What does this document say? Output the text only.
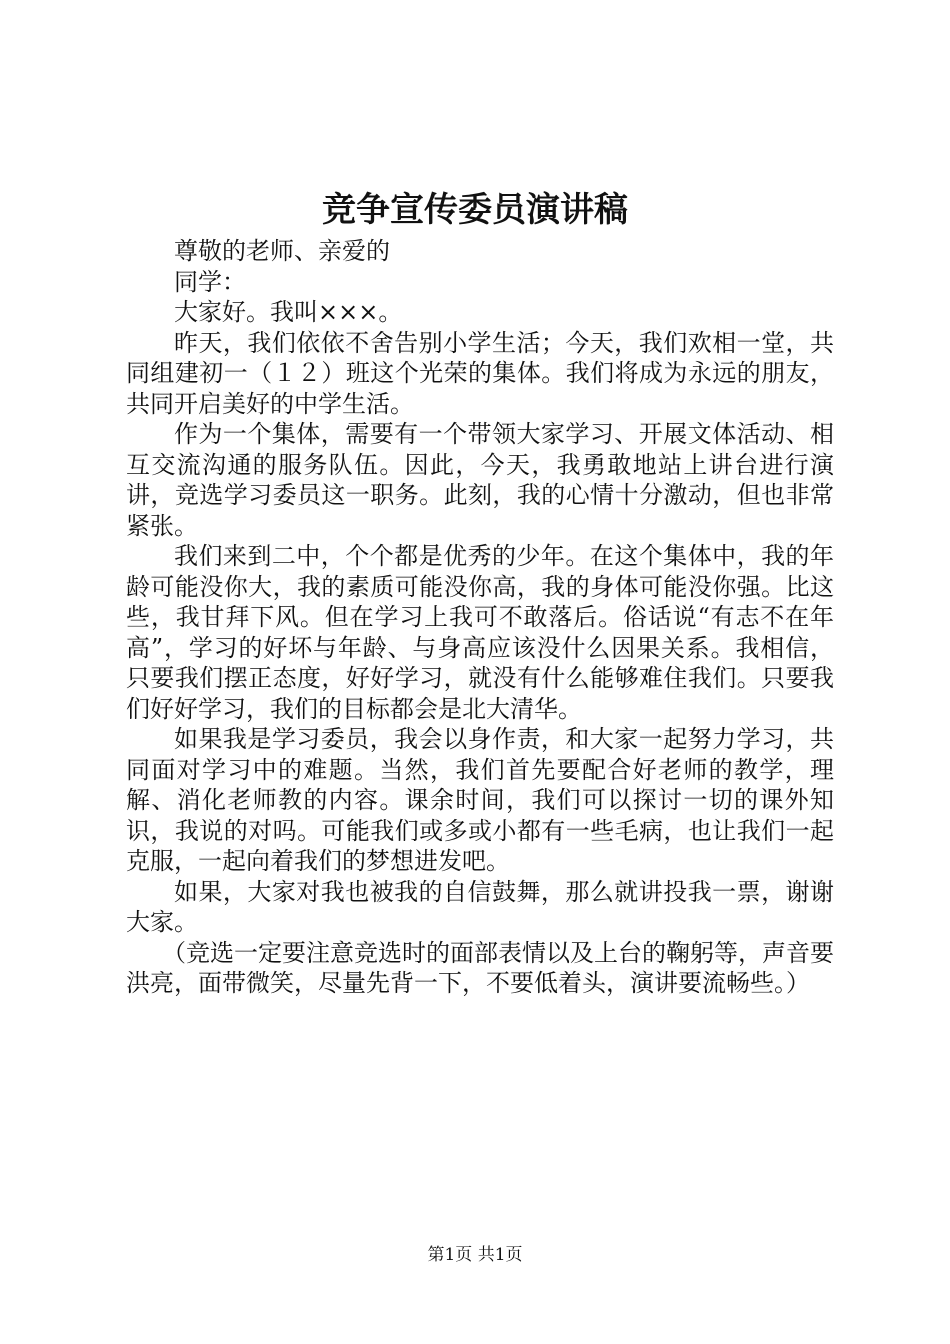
竞争宣传委员演讲稿

尊敬的老师、亲爱的

同学：

大家好。我叫×××。

昨天，我们依依不舍告别小学生活；今天，我们欢相一堂，共同组建初一（１２）班这个光荣的集体。我们将成为永远的朋友，共同开启美好的中学生活。

作为一个集体，需要有一个带领大家学习、开展文体活动、相互交流沟通的服务队伍。因此，今天，我勇敢地站上讲台进行演讲，竞选学习委员这一职务。此刻，我的心情十分激动，但也非常紧张。

我们来到二中，个个都是优秀的少年。在这个集体中，我的年龄可能没你大，我的素质可能没你高，我的身体可能没你强。比这些，我甘拜下风。但在学习上我可不敢落后。俗话说“有志不在年高”，学习的好坏与年龄、与身高应该没什么因果关系。我相信，只要我们摆正态度，好好学习，就没有什么能够难住我们。只要我们好好学习，我们的目标都会是北大清华。

如果我是学习委员，我会以身作责，和大家一起努力学习，共同面对学习中的难题。当然，我们首先要配合好老师的教学，理解、消化老师教的内容。课余时间，我们可以探讨一切的课外知识，我说的对吗。可能我们或多或小都有一些毛病，也让我们一起克服，一起向着我们的梦想进发吧。

如果，大家对我也被我的自信鼓舞，那么就讲投我一票，谢谢大家。

（竞选一定要注意竞选时的面部表情以及上台的鞠躬等，声音要洪亮，面带微笑，尽量先背一下，不要低着头，演讲要流畅些。）

第1页 共1页
